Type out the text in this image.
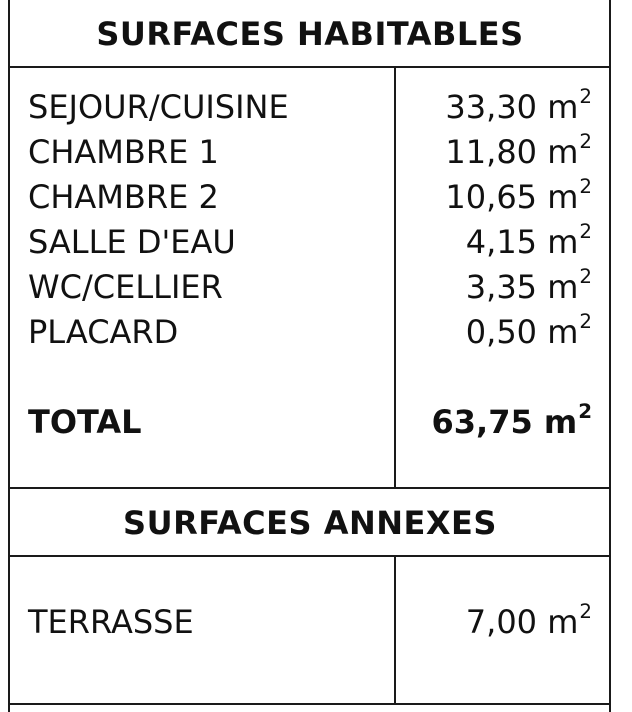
SURFACES HABITABLES
SEJOUR/CUISINE
CHAMBRE 1
CHAMBRE 2
SALLE D'EAU
WC/CELLIER
PLACARD
TOTAL
33,30 $m^2$
11,80 $m^2$
10,65 $m^2$
4,15 $m^2$
3,35 $m^2$
0,50 $m^2$
63,75 $m^2$
SURFACES ANNEXES
TERRASSE	7,00 $m^2$
